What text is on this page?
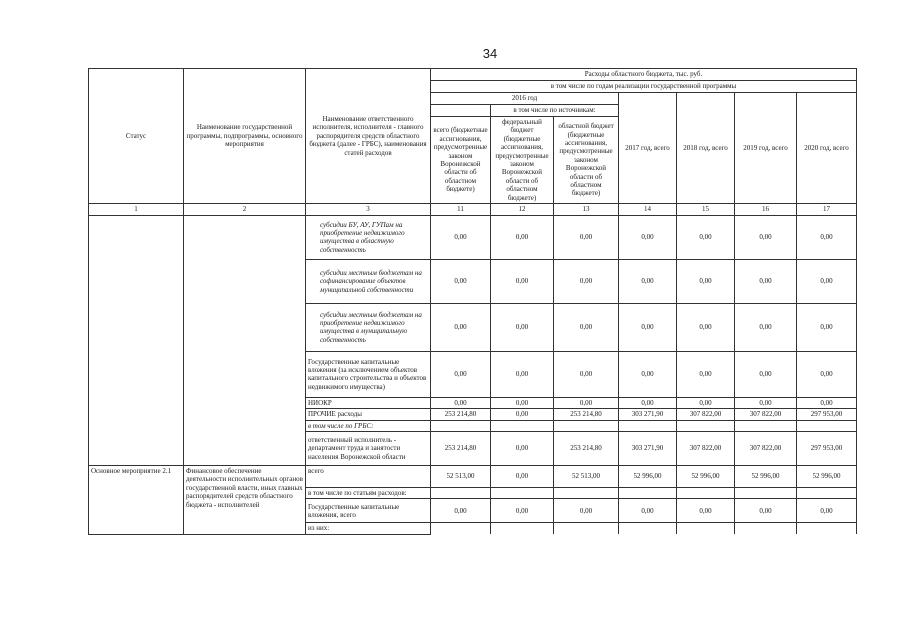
34
Статус	Наименование государственной программы, подпрограммы, основного мероприятия	Наименование ответственного исполнителя, исполнителя - главного распорядителя средств областного бюджета (далее - ГРБС), наименования статей расходов	Расходы областного бюджета, тыс. руб.						
			в том числе по годам реализации государственной программы						
			2016 год			2017 год, всего	2018 год, всего	2019 год, всего	2020 год, всего
				в том числе по источникам:					
			всего (бюджетные ассигнования, предусмотренные законом Воронежской области об областном бюджете)	федеральный бюджет (бюджетные ассигнования, предусмотренные законом Воронежской области об областном бюджете)	областной бюджет (бюджетные ассигнования, предусмотренные законом Воронежской области об областном бюджете)				
1	2	3	11	12	13	14	15	16	17
		субсидии БУ, АУ, ГУПам на приобретение недвижимого имущества в областную собственность	0,00	0,00	0,00	0,00	0,00	0,00	0,00
		субсидии местным бюджетам на софинансирование объектов муниципальной собственности	0,00	0,00	0,00	0,00	0,00	0,00	0,00
		субсидии местным бюджетам на приобретение недвижимого имущества в муниципальную собственность	0,00	0,00	0,00	0,00	0,00	0,00	0,00
		Государственные капитальные вложения (за исключением объектов капитального строительства и объектов недвижимого имущества)	0,00	0,00	0,00	0,00	0,00	0,00	0,00
		НИОКР	0,00	0,00	0,00	0,00	0,00	0,00	0,00
		ПРОЧИЕ расходы	253 214,80	0,00	253 214,80	303 271,90	307 822,00	307 822,00	297 953,00
		в том числе по ГРБС:							
		ответственный исполнитель - департамент труда и занятости населения Воронежской области	253 214,80	0,00	253 214,80	303 271,90	307 822,00	307 822,00	297 953,00
Основное мероприятие 2.1	Финансовое обеспечение деятельности исполнительных органов государственной власти, иных главных распорядителей средств областного бюджета - исполнителей	всего	52 513,00	0,00	52 513,00	52 996,00	52 996,00	52 996,00	52 996,00
		в том числе по статьям расходов:							
		Государственные капитальные вложения, всего	0,00	0,00	0,00	0,00	0,00	0,00	0,00
		из них:							
